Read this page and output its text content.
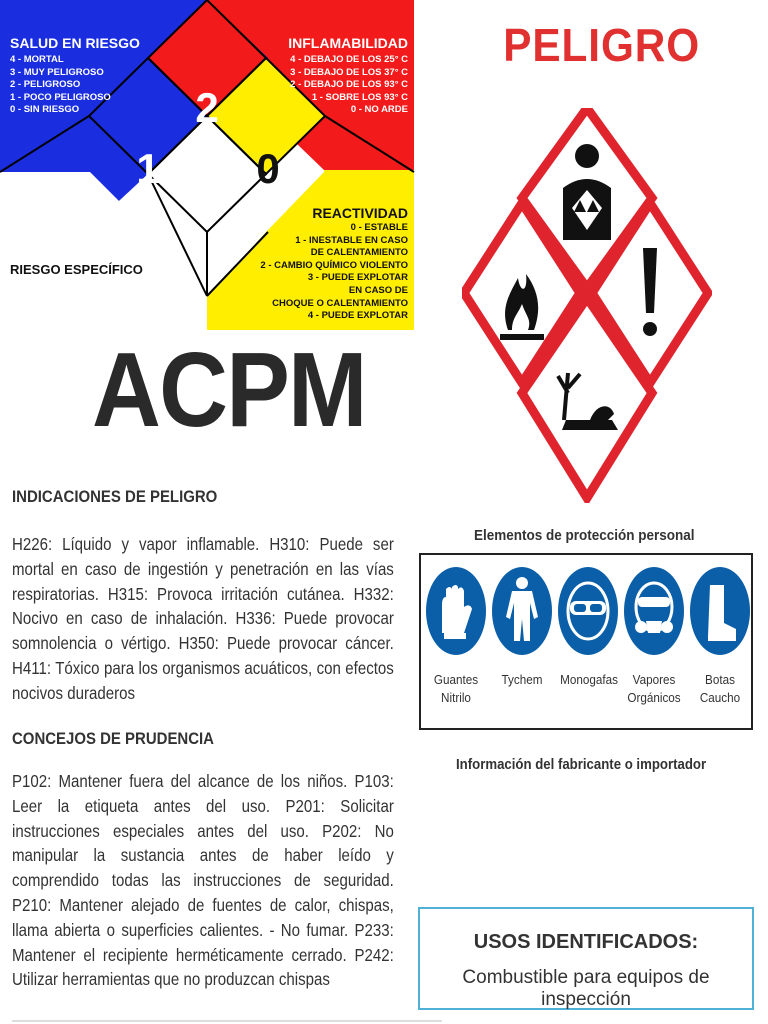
SALUD EN RIESGO
4 - MORTAL
3 - MUY PELIGROSO
2 - PELIGROSO
1 - POCO PELIGROSO
0 - SIN RIESGO
INFLAMABILIDAD
4 - DEBAJO DE LOS 25° C
3 - DEBAJO DE LOS 37° C
2 - DEBAJO DE LOS 93° C
1 - SOBRE LOS 93° C
0 - NO ARDE
REACTIVIDAD
0 - ESTABLE
1 - INESTABLE EN CASO
DE CALENTAMIENTO
2 - CAMBIO QUÍMICO VIOLENTO
3 - PUEDE EXPLOTAR
EN CASO DE
CHOQUE O CALENTAMIENTO
4 - PUEDE EXPLOTAR
RIESGO ESPECÍFICO
2
1	0
PELIGRO
ACPM
INDICACIONES DE PELIGRO
H226: Líquido y vapor inflamable. H310: Puede ser mortal en caso de ingestión y penetración en las vías respiratorias. H315: Provoca irritación cutánea. H332: Nocivo en caso de inhalación. H336: Puede provocar somnolencia o vértigo. H350: Puede provocar cáncer. H411: Tóxico para los organismos acuáticos, con efectos nocivos duraderos
CONCEJOS DE PRUDENCIA
P102: Mantener fuera del alcance de los niños. P103: Leer la etiqueta antes del uso. P201: Solicitar instrucciones especiales antes del uso. P202: No manipular la sustancia antes de haber leído y comprendido todas las instrucciones de seguridad. P210: Mantener alejado de fuentes de calor, chispas, llama abierta o superficies calientes. - No fumar. P233: Mantener el recipiente herméticamente cerrado. P242: Utilizar herramientas que no produzcan chispas
Elementos de protección personal
Guantes
Nitrilo
Tychem	Monogafas	Vapores
Orgánicos
Botas
Caucho
Información del fabricante o importador
USOS IDENTIFICADOS:
Combustible para equipos de inspección
